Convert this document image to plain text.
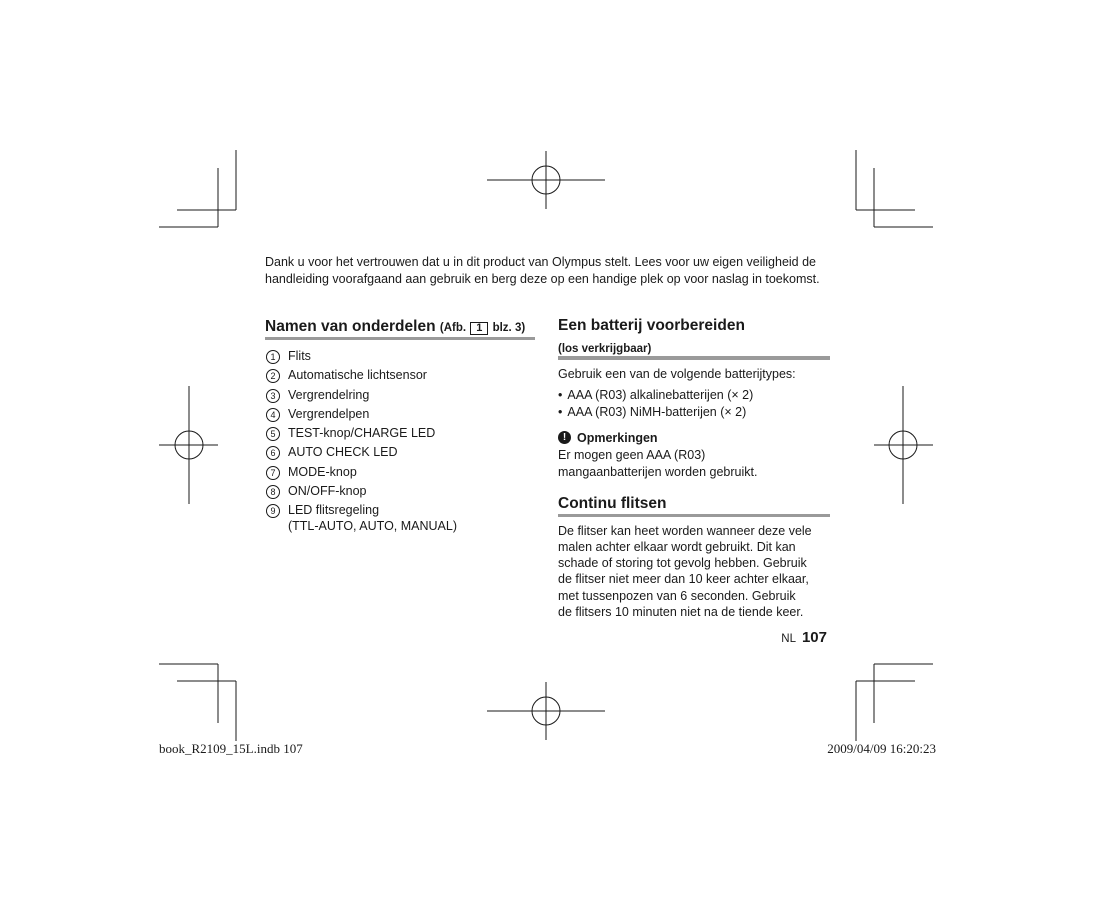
Dank u voor het vertrouwen dat u in dit product van Olympus stelt. Lees voor uw eigen veiligheid de handleiding voorafgaand aan gebruik en berg deze op een handige plek op voor naslag in toekomst.
Namen van onderdelen (Afb. 1 blz. 3)
1	Flits
2	Automatische lichtsensor
3	Vergrendelring
4	Vergrendelpen
5	TEST-knop/CHARGE LED
6	AUTO CHECK LED
7	MODE-knop
8	ON/OFF-knop
9	LED flitsregeling
(TTL-AUTO, AUTO, MANUAL)
Een batterij voorbereiden
(los verkrijgbaar)
Gebruik een van de volgende batterijtypes:
• AAA (R03) alkalinebatterijen (× 2)
• AAA (R03) NiMH-batterijen (× 2)
! Opmerkingen
Er mogen geen AAA (R03)
mangaanbatterijen worden gebruikt.
Continu flitsen
De flitser kan heet worden wanneer deze vele
malen achter elkaar wordt gebruikt. Dit kan
schade of storing tot gevolg hebben. Gebruik
de flitser niet meer dan 10 keer achter elkaar,
met tussenpozen van 6 seconden. Gebruik
de flitsers 10 minuten niet na de tiende keer.
NL 107
book_R2109_15L.indb 107	2009/04/09 16:20:23
